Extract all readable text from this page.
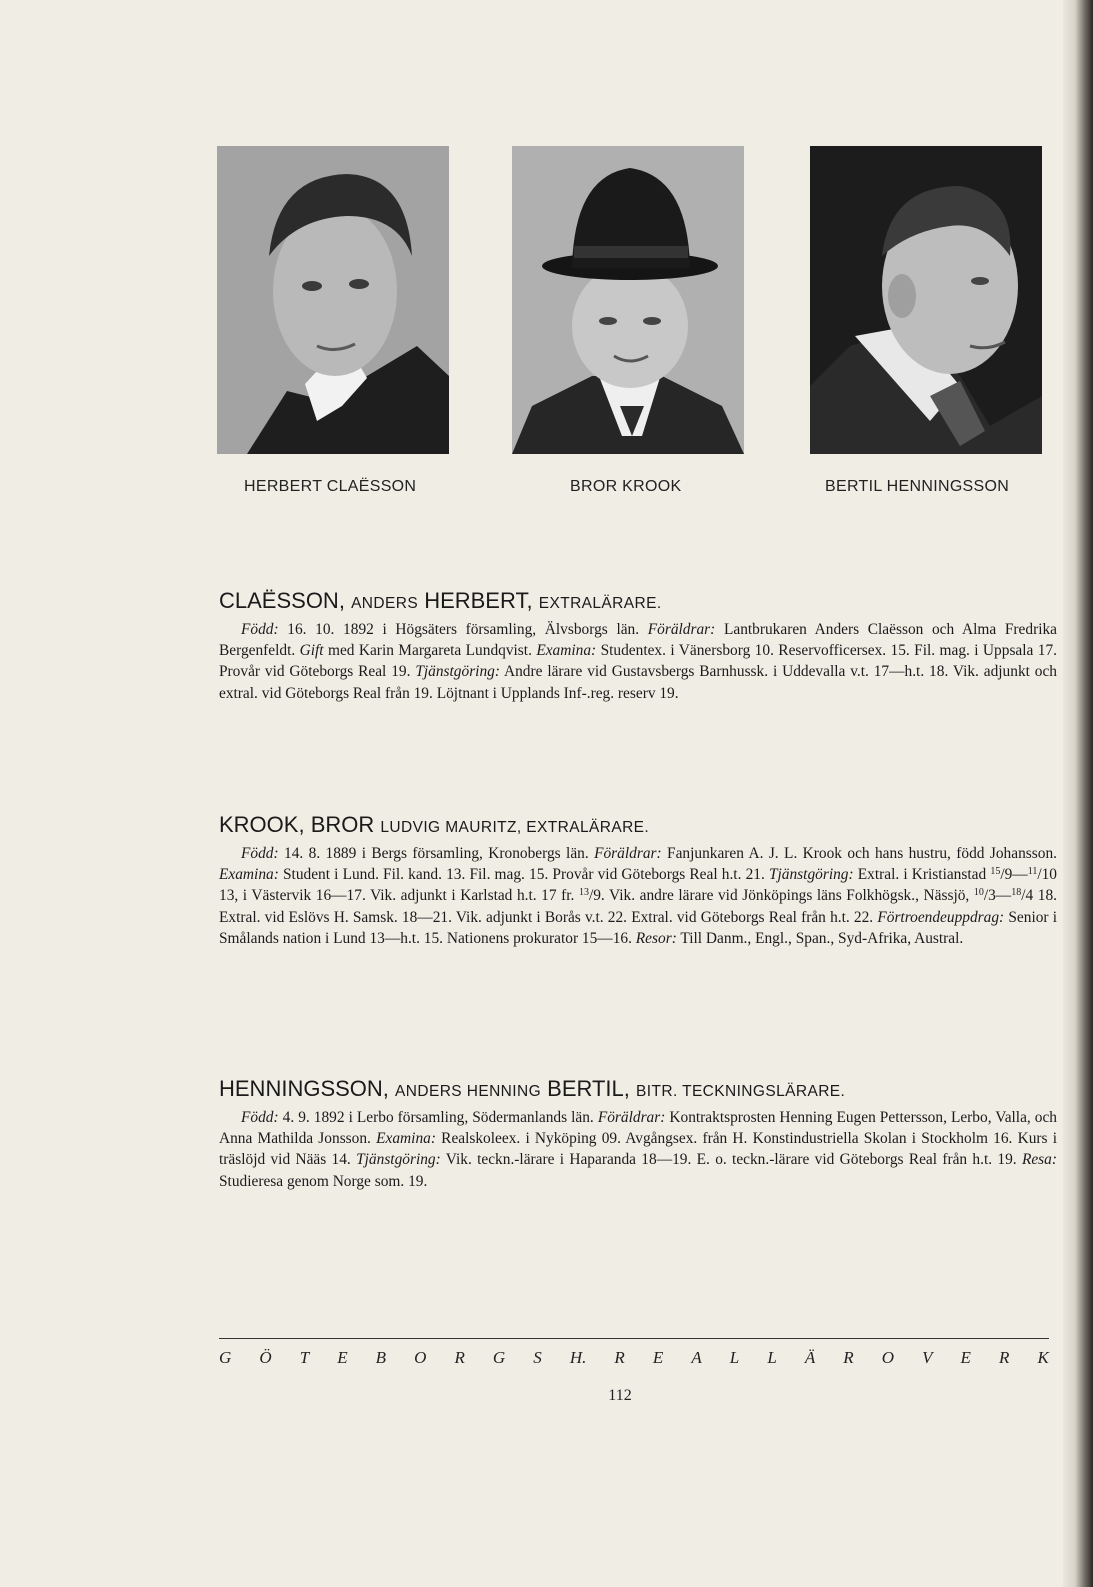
HERBERT CLAËSSON	BROR KROOK	BERTIL HENNINGSSON
CLAËSSON, ANDERS HERBERT, EXTRALÄRARE.

Född: 16. 10. 1892 i Högsäters församling, Älvsborgs län. Föräldrar: Lantbrukaren Anders Claësson och Alma Fredrika Bergenfeldt. Gift med Karin Margareta Lundqvist. Examina: Studentex. i Vänersborg 10. Reservofficersex. 15. Fil. mag. i Uppsala 17. Provår vid Göteborgs Real 19. Tjänstgöring: Andre lärare vid Gustavsbergs Barnhussk. i Uddevalla v.t. 17—h.t. 18. Vik. adjunkt och extral. vid Göteborgs Real från 19. Löjtnant i Upplands Inf-.reg. reserv 19.

KROOK, BROR LUDVIG MAURITZ, EXTRALÄRARE.

Född: 14. 8. 1889 i Bergs församling, Kronobergs län. Föräldrar: Fanjunkaren A. J. L. Krook och hans hustru, född Johansson. Examina: Student i Lund. Fil. kand. 13. Fil. mag. 15. Provår vid Göteborgs Real h.t. 21. Tjänstgöring: Extral. i Kristianstad $^{15}$/9—$^{11}$/10 13, i Västervik 16—17. Vik. adjunkt i Karlstad h.t. 17 fr. $^{13}$/9. Vik. andre lärare vid Jönköpings läns Folkhögsk., Nässjö, $^{10}$/3—$^{18}$/4 18. Extral. vid Eslövs H. Samsk. 18—21. Vik. adjunkt i Borås v.t. 22. Extral. vid Göteborgs Real från h.t. 22. Förtroendeuppdrag: Senior i Smålands nation i Lund 13—h.t. 15. Nationens prokurator 15—16. Resor: Till Danm., Engl., Span., Syd-Afrika, Austral.

HENNINGSSON, ANDERS HENNING BERTIL, BITR. TECKNINGSLÄRARE.

Född: 4. 9. 1892 i Lerbo församling, Södermanlands län. Föräldrar: Kontraktsprosten Henning Eugen Pettersson, Lerbo, Valla, och Anna Mathilda Jonsson. Examina: Realskoleex. i Nyköping 09. Avgångsex. från H. Konstindustriella Skolan i Stockholm 16. Kurs i träslöjd vid Nääs 14. Tjänstgöring: Vik. teckn.-lärare i Haparanda 18—19. E. o. teckn.-lärare vid Göteborgs Real från h.t. 19. Resa: Studieresa genom Norge som. 19.

G Ö T E B O R G S H. R E A L L Ä R O V E R K
112
